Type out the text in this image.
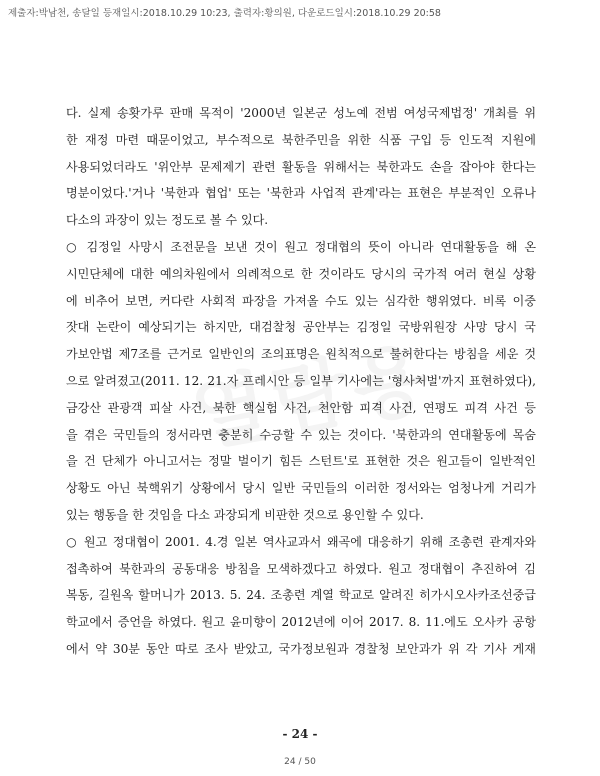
제출자:박남천, 송달일 등재일시:2018.10.29 10:23, 출력자:황의원, 다운로드일시:2018.10.29 20:58
다. 실제 송홧가루 판매 목적이 '2000년 일본군 성노예 전범 여성국제법정' 개최를 위
한 재정 마련 때문이었고, 부수적으로 북한주민을 위한 식품 구입 등 인도적 지원에
사용되었더라도 '위안부 문제제기 관련 활동을 위해서는 북한과도 손을 잡아야 한다는
명분이었다.'거나 '북한과 협업' 또는 '북한과 사업적 관계'라는 표현은 부분적인 오류나
다소의 과장이 있는 정도로 볼 수 있다.
○ 김정일 사망시 조전문을 보낸 것이 원고 정대협의 뜻이 아니라 연대활동을 해 온
시민단체에 대한 예의차원에서 의례적으로 한 것이라도 당시의 국가적 여러 현실 상황
에 비추어 보면, 커다란 사회적 파장을 가져올 수도 있는 심각한 행위였다. 비록 이중
잣대 논란이 예상되기는 하지만, 대검찰청 공안부는 김정일 국방위원장 사망 당시 국
가보안법 제7조를 근거로 일반인의 조의표명은 원칙적으로 불허한다는 방침을 세운 것
으로 알려졌고(2011. 12. 21.자 프레시안 등 일부 기사에는 '형사처벌'까지 표현하였다),
금강산 관광객 피살 사건, 북한 핵실험 사건, 천안함 피격 사건, 연평도 피격 사건 등
을 겪은 국민들의 정서라면 충분히 수긍할 수 있는 것이다. '북한과의 연대활동에 목숨
을 건 단체가 아니고서는 정말 벌이기 힘든 스턴트'로 표현한 것은 원고들이 일반적인
상황도 아닌 북핵위기 상황에서 당시 일반 국민들의 이러한 정서와는 엄청나게 거리가
있는 행동을 한 것임을 다소 과장되게 비판한 것으로 용인할 수 있다.
○ 원고 정대협이 2001. 4.경 일본 역사교과서 왜곡에 대응하기 위해 조총련 관계자와
접촉하여 북한과의 공동대응 방침을 모색하겠다고 하였다. 원고 정대협이 추진하여 김
복동, 길원옥 할머니가 2013. 5. 24. 조총련 계열 학교로 알려진 히가시오사카조선중급
학교에서 증언을 하였다. 원고 윤미향이 2012년에 이어 2017. 8. 11.에도 오사카 공항
에서 약 30분 동안 따로 조사 받았고, 국가정보원과 경찰청 보안과가 위 각 기사 게재
- 24 -
24 / 50
